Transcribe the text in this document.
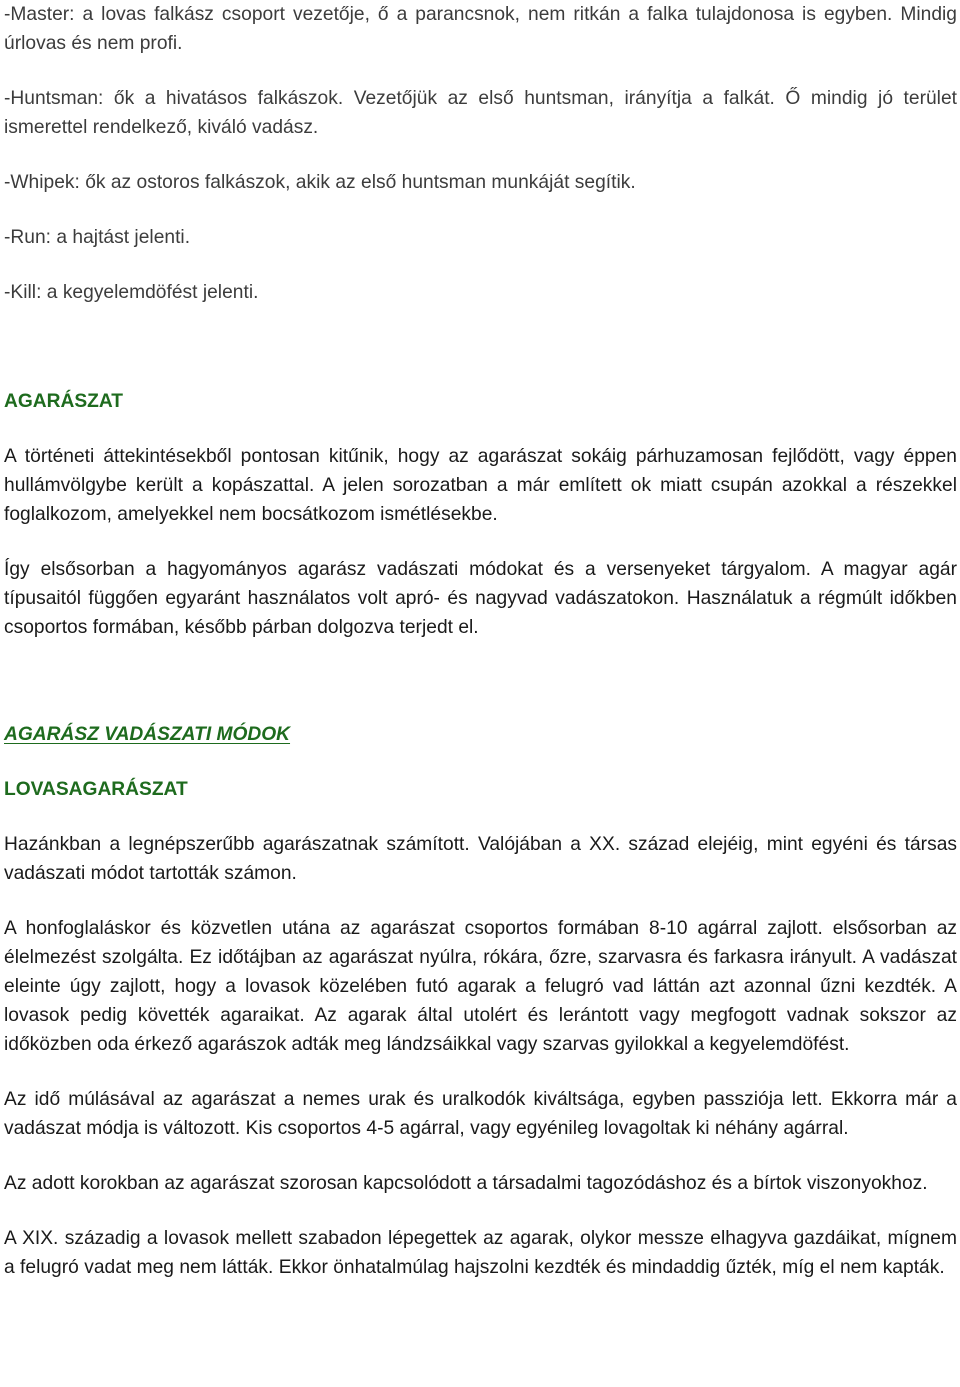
-Master: a lovas falkász csoport vezetője, ő a parancsnok, nem ritkán a falka tulajdonosa is egyben. Mindig úrlovas és nem profi.

-Huntsman: ők a hivatásos falkászok. Vezetőjük az első huntsman, irányítja a falkát. Ő mindig jó terület ismerettel rendelkező, kiváló vadász.

-Whipek: ők az ostoros falkászok, akik az első huntsman munkáját segítik.

-Run: a hajtást jelenti.

-Kill: a kegyelemdöfést jelenti.

AGARÁSZAT

A történeti áttekintésekből pontosan kitűnik, hogy az agarászat sokáig párhuzamosan fejlődött, vagy éppen hullámvölgybe került a kopászattal. A jelen sorozatban a már említett ok miatt csupán azokkal a részekkel foglalkozom, amelyekkel nem bocsátkozom ismétlésekbe.

Így elsősorban a hagyományos agarász vadászati módokat és a versenyeket tárgyalom. A magyar agár típusaitól függően egyaránt használatos volt apró- és nagyvad vadászatokon. Használatuk a régmúlt időkben csoportos formában, később párban dolgozva terjedt el.

AGARÁSZ VADÁSZATI MÓDOK
LOVASAGARÁSZAT

Hazánkban a legnépszerűbb agarászatnak számított. Valójában a XX. század elejéig, mint egyéni és társas vadászati módot tartották számon.

A honfoglaláskor és közvetlen utána az agarászat csoportos formában 8-10 agárral zajlott. elsősorban az élelmezést szolgálta. Ez időtájban az agarászat nyúlra, rókára, őzre, szarvasra és farkasra irányult. A vadászat eleinte úgy zajlott, hogy a lovasok közelében futó agarak a felugró vad láttán azt azonnal űzni kezdték. A lovasok pedig követték agaraikat. Az agarak által utolért és lerántott vagy megfogott vadnak sokszor az időközben oda érkező agarászok adták meg lándzsáikkal vagy szarvas gyilokkal a kegyelemdöfést.

Az idő múlásával az agarászat a nemes urak és uralkodók kiváltsága, egyben passziója lett. Ekkorra már a vadászat módja is változott. Kis csoportos 4-5 agárral, vagy egyénileg lovagoltak ki néhány agárral.

Az adott korokban az agarászat szorosan kapcsolódott a társadalmi tagozódáshoz és a bírtok viszonyokhoz.

A XIX. századig a lovasok mellett szabadon lépegettek az agarak, olykor messze elhagyva gazdáikat, mígnem a felugró vadat meg nem látták. Ekkor önhatalmúlag hajszolni kezdték és mindaddig űzték, míg el nem kapták.
